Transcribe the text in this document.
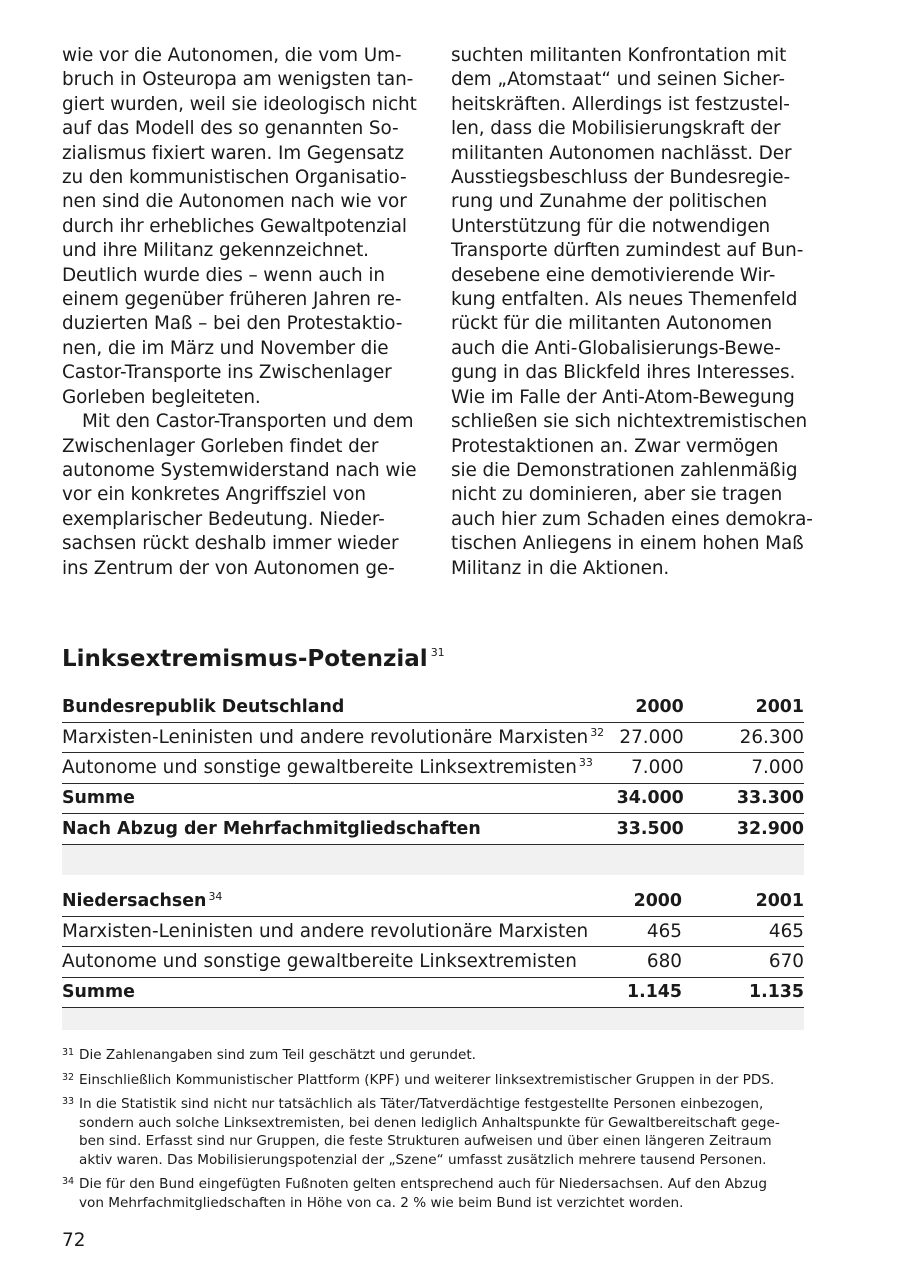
wie vor die Autonomen, die vom Um-
bruch in Osteuropa am wenigsten tan-
giert wurden, weil sie ideologisch nicht
auf das Modell des so genannten So-
zialismus fixiert waren. Im Gegensatz
zu den kommunistischen Organisatio-
nen sind die Autonomen nach wie vor
durch ihr erhebliches Gewaltpotenzial
und ihre Militanz gekennzeichnet.
Deutlich wurde dies – wenn auch in
einem gegenüber früheren Jahren re-
duzierten Maß – bei den Protestaktio-
nen, die im März und November die
Castor-Transporte ins Zwischenlager
Gorleben begleiteten.
Mit den Castor-Transporten und dem
Zwischenlager Gorleben findet der
autonome Systemwiderstand nach wie
vor ein konkretes Angriffsziel von
exemplarischer Bedeutung. Nieder-
sachsen rückt deshalb immer wieder
ins Zentrum der von Autonomen ge-
suchten militanten Konfrontation mit
dem „Atomstaat“ und seinen Sicher-
heitskräften. Allerdings ist festzustel-
len, dass die Mobilisierungskraft der
militanten Autonomen nachlässt. Der
Ausstiegsbeschluss der Bundesregie-
rung und Zunahme der politischen
Unterstützung für die notwendigen
Transporte dürften zumindest auf Bun-
desebene eine demotivierende Wir-
kung entfalten. Als neues Themenfeld
rückt für die militanten Autonomen
auch die Anti-Globalisierungs-Bewe-
gung in das Blickfeld ihres Interesses.
Wie im Falle der Anti-Atom-Bewegung
schließen sie sich nichtextremistischen
Protestaktionen an. Zwar vermögen
sie die Demonstrationen zahlenmäßig
nicht zu dominieren, aber sie tragen
auch hier zum Schaden eines demokra-
tischen Anliegens in einem hohen Maß
Militanz in die Aktionen.
Linksextremismus-Potenzial $^{31}$
Bundesrepublik Deutschland	2000	2001
Marxisten-Leninisten und andere revolutionäre Marxisten $^{32}$	27.000	26.300
Autonome und sonstige gewaltbereite Linksextremisten $^{33}$	7.000	7.000
Summe	34.000	33.300
Nach Abzug der Mehrfachmitgliedschaften	33.500	32.900
Niedersachsen $^{34}$	2000	2001
Marxisten-Leninisten und andere revolutionäre Marxisten	465	465
Autonome und sonstige gewaltbereite Linksextremisten	680	670
Summe	1.145	1.135
31 Die Zahlenangaben sind zum Teil geschätzt und gerundet.
32 Einschließlich Kommunistischer Plattform (KPF) und weiterer linksextremistischer Gruppen in der PDS.
33 In die Statistik sind nicht nur tatsächlich als Täter/Tatverdächtige festgestellte Personen einbezogen,
sondern auch solche Linksextremisten, bei denen lediglich Anhaltspunkte für Gewaltbereitschaft gege-
ben sind. Erfasst sind nur Gruppen, die feste Strukturen aufweisen und über einen längeren Zeitraum
aktiv waren. Das Mobilisierungspotenzial der „Szene“ umfasst zusätzlich mehrere tausend Personen.
34 Die für den Bund eingefügten Fußnoten gelten entsprechend auch für Niedersachsen. Auf den Abzug
von Mehrfachmitgliedschaften in Höhe von ca. 2 % wie beim Bund ist verzichtet worden.
72
